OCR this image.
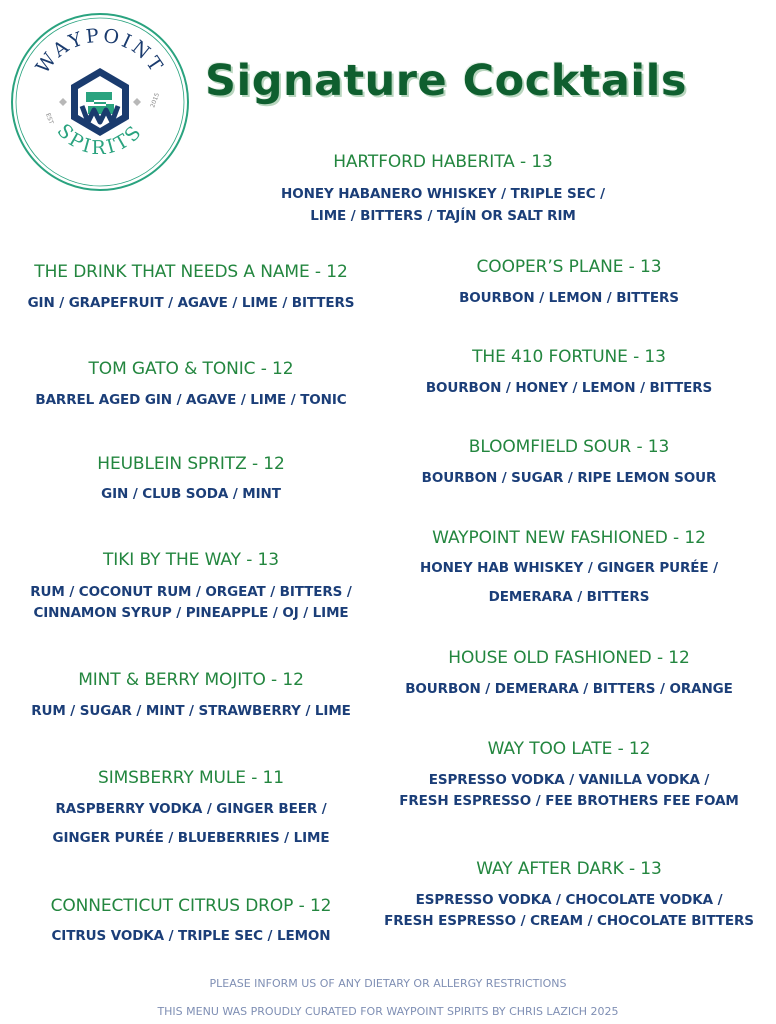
WAYPOINT
SPIRITS
EST
2015 Signature Cocktails
HARTFORD HABERITA - 13
HONEY HABANERO WHISKEY / TRIPLE SEC /
LIME / BITTERS / TAJÍN OR SALT RIM
THE DRINK THAT NEEDS A NAME - 12
GIN / GRAPEFRUIT / AGAVE / LIME / BITTERS
TOM GATO & TONIC - 12
BARREL AGED GIN / AGAVE / LIME / TONIC
HEUBLEIN SPRITZ - 12
GIN / CLUB SODA / MINT
TIKI BY THE WAY - 13
RUM / COCONUT RUM / ORGEAT / BITTERS /
CINNAMON SYRUP / PINEAPPLE / OJ / LIME
MINT & BERRY MOJITO - 12
RUM / SUGAR / MINT / STRAWBERRY / LIME
SIMSBERRY MULE - 11
RASPBERRY VODKA / GINGER BEER /
GINGER PURÉE / BLUEBERRIES / LIME
CONNECTICUT CITRUS DROP - 12
CITRUS VODKA / TRIPLE SEC / LEMON
COOPER’S PLANE - 13
BOURBON / LEMON / BITTERS
THE 410 FORTUNE - 13
BOURBON / HONEY / LEMON / BITTERS
BLOOMFIELD SOUR - 13
BOURBON / SUGAR / RIPE LEMON SOUR
WAYPOINT NEW FASHIONED - 12
HONEY HAB WHISKEY / GINGER PURÉE /
DEMERARA / BITTERS
HOUSE OLD FASHIONED - 12
BOURBON / DEMERARA / BITTERS / ORANGE
WAY TOO LATE - 12
ESPRESSO VODKA / VANILLA VODKA /
FRESH ESPRESSO / FEE BROTHERS FEE FOAM
WAY AFTER DARK - 13
ESPRESSO VODKA / CHOCOLATE VODKA /
FRESH ESPRESSO / CREAM / CHOCOLATE BITTERS
PLEASE INFORM US OF ANY DIETARY OR ALLERGY RESTRICTIONS
THIS MENU WAS PROUDLY CURATED FOR WAYPOINT SPIRITS BY CHRIS LAZICH 2025
